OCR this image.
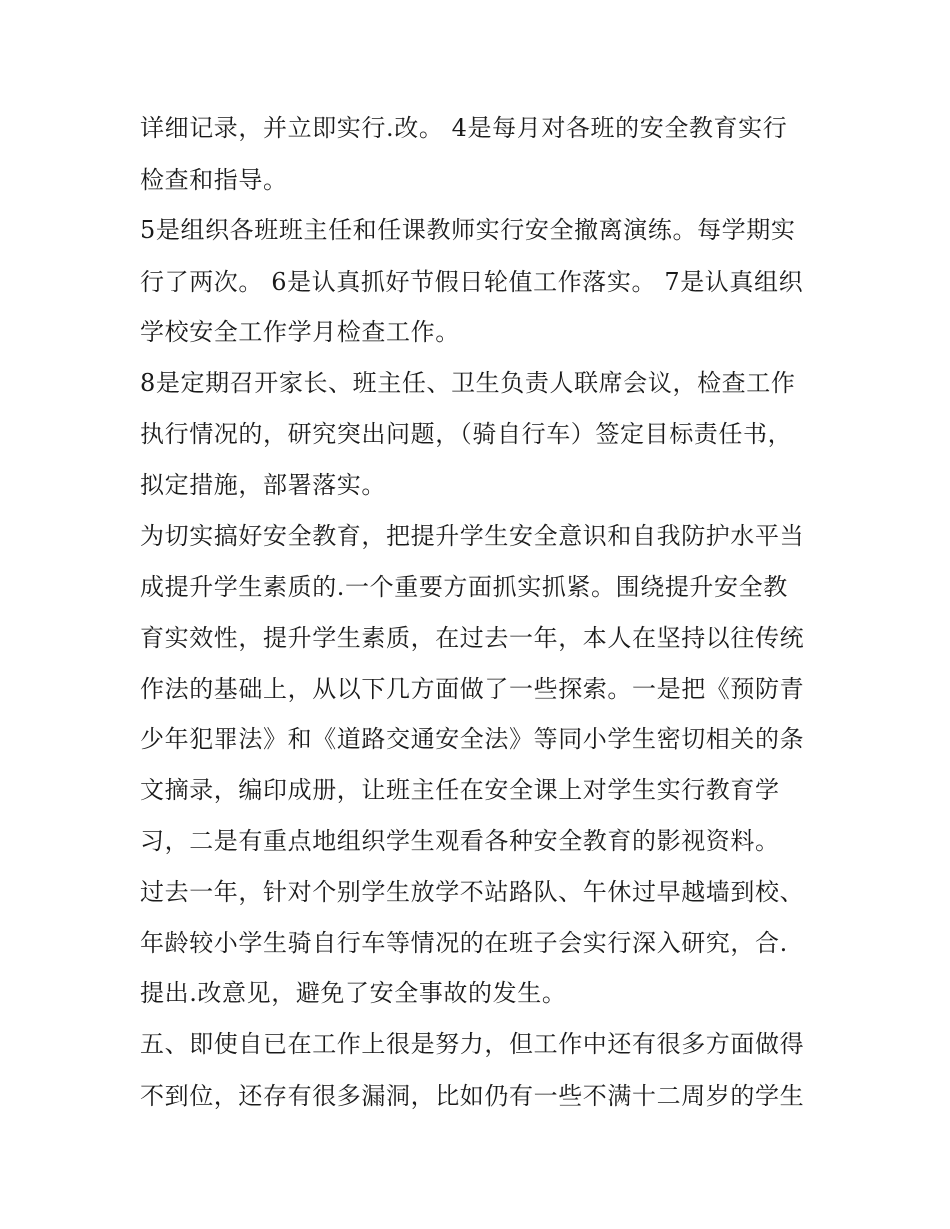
详细记录，并立即实行.改。 4是每月对各班的安全教育实行
检查和指导。
5是组织各班班主任和任课教师实行安全撤离演练。每学期实
行了两次。 6是认真抓好节假日轮值工作落实。 7是认真组织
学校安全工作学月检查工作。
8是定期召开家长、班主任、卫生负责人联席会议，检查工作
执行情况的，研究突出问题，（骑自行车）签定目标责任书，
拟定措施，部署落实。
为切实搞好安全教育，把提升学生安全意识和自我防护水平当
成提升学生素质的.一个重要方面抓实抓紧。围绕提升安全教
育实效性，提升学生素质，在过去一年，本人在坚持以往传统
作法的基础上，从以下几方面做了一些探索。一是把《预防青
少年犯罪法》和《道路交通安全法》等同小学生密切相关的条
文摘录，编印成册，让班主任在安全课上对学生实行教育学
习，二是有重点地组织学生观看各种安全教育的影视资料。
过去一年，针对个别学生放学不站路队、午休过早越墙到校、
年龄较小学生骑自行车等情况的在班子会实行深入研究，合.
提出.改意见，避免了安全事故的发生。
五、即使自已在工作上很是努力，但工作中还有很多方面做得
不到位，还存有很多漏洞，比如仍有一些不满十二周岁的学生
